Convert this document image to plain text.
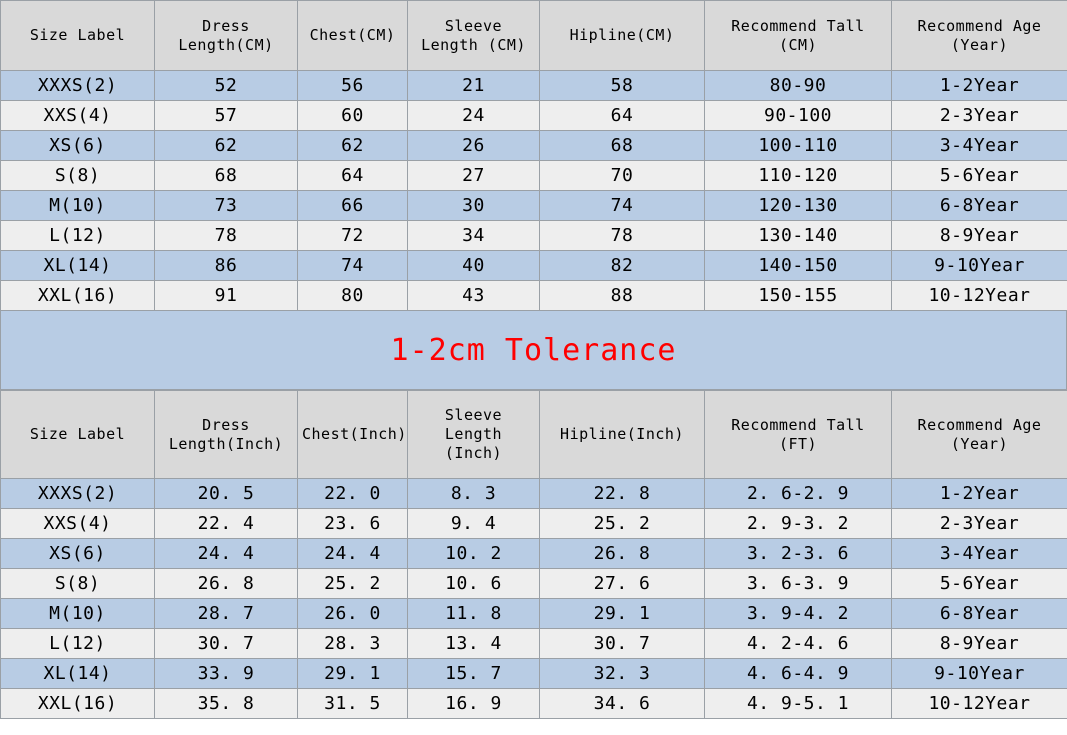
Size Label	Dress Length(CM)	Chest(CM)	Sleeve Length (CM)	Hipline(CM)	Recommend Tall (CM)	Recommend Age (Year)
XXXS(2)	52	56	21	58	80-90	1-2Year
XXS(4)	57	60	24	64	90-100	2-3Year
XS(6)	62	62	26	68	100-110	3-4Year
S(8)	68	64	27	70	110-120	5-6Year
M(10)	73	66	30	74	120-130	6-8Year
L(12)	78	72	34	78	130-140	8-9Year
XL(14)	86	74	40	82	140-150	9-10Year
XXL(16)	91	80	43	88	150-155	10-12Year
1-2cm Tolerance
Size Label	Dress Length(Inch)	Chest(Inch)	Sleeve Length (Inch)	Hipline(Inch)	Recommend Tall (FT)	Recommend Age (Year)
XXXS(2)	20. 5	22. 0	8. 3	22. 8	2. 6-2. 9	1-2Year
XXS(4)	22. 4	23. 6	9. 4	25. 2	2. 9-3. 2	2-3Year
XS(6)	24. 4	24. 4	10. 2	26. 8	3. 2-3. 6	3-4Year
S(8)	26. 8	25. 2	10. 6	27. 6	3. 6-3. 9	5-6Year
M(10)	28. 7	26. 0	11. 8	29. 1	3. 9-4. 2	6-8Year
L(12)	30. 7	28. 3	13. 4	30. 7	4. 2-4. 6	8-9Year
XL(14)	33. 9	29. 1	15. 7	32. 3	4. 6-4. 9	9-10Year
XXL(16)	35. 8	31. 5	16. 9	34. 6	4. 9-5. 1	10-12Year
